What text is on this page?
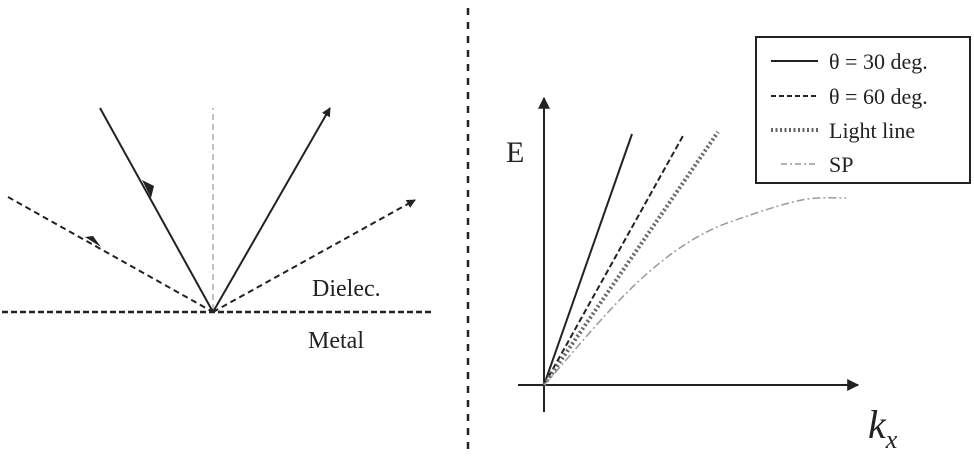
Dielec.
Metal
E
$k_x$
θ = 30 deg.
θ = 60 deg.
Light line
SP
